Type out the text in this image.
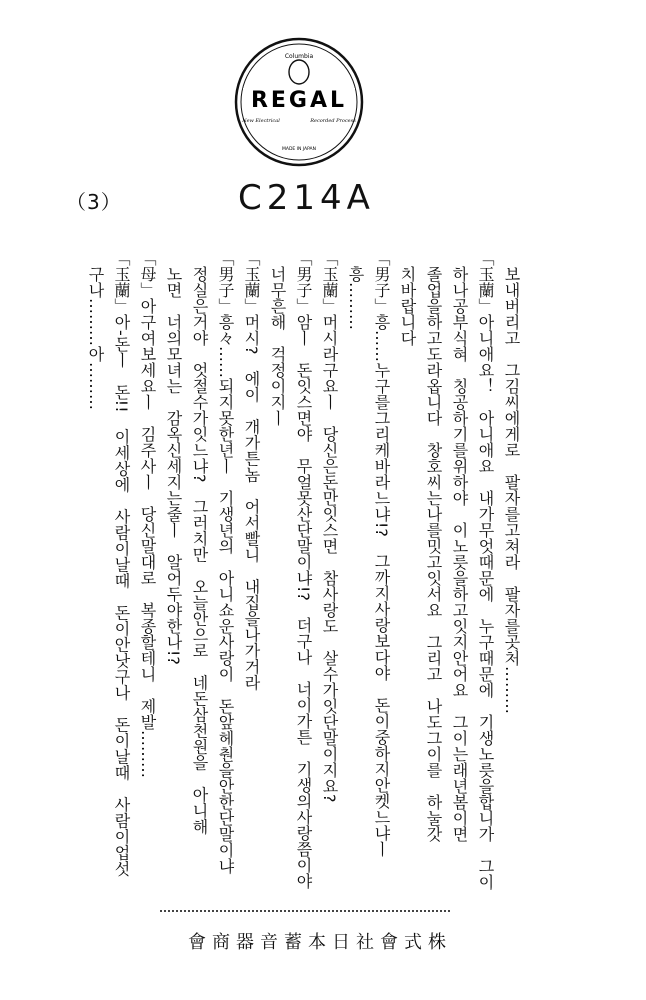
Columbia
REGAL
New Electrical	Recorded Process
MADE IN JAPAN
（3）	C214A
　보내버리고　그김씨에게로　팔자를고쳐라　팔자를곳처………
「玉蘭」아니애요！　아니애요　내가무엇때문에　누구때문에　기생노릇을합니가　그이
　하나공부식혀　칭공하기를위하야　이노릇을하고잇지안어요　그이는래년봄이면
　졸업을하고도라옵니다　창호씨는나를밋고잇서요　그리고　나도그이를　하눌갓
　치바랍니다
「男子」흥……누구를그리케바라느냐!?　그까지사랑보다야　돈이중하지안켓느냐ㅣ
　흥………
「玉蘭」머시라구요ㅣ　당신은돈만잇스면　참사랑도　살수가잇단말이지요?
「男子」암ㅣ　돈잇스면야　무얼못산단말이냐!?　더구나　너이가튼　기생의사랑쯤이야
　너무흔해　걱정이지ㅣ
「玉蘭」머시?　에이　개가튼놈　어서빨니　내집을나가거라
「男子」흥々……되지못한년ㅣ　기생년의　아니쇼운사랑이　돈앞헤춴을안한단말이냐
　정실은거야　엇절수가잇느냐?　그러치만　오늘안으로　네돈삼천원을　아니해
　노면　너의모녀는　감옥신세지는줄ㅣ　알어두야한나!?
「母」아구여보세요ㅣ　김주사ㅣ　당신말대로　복종할테니　제발………
「玉蘭」아-돈ㅣ　돈!!　이세상에　사람이날때　돈이안낫구나　돈이날때　사람이업섯
　구나………아………
株式會社日本蓄音器商會
